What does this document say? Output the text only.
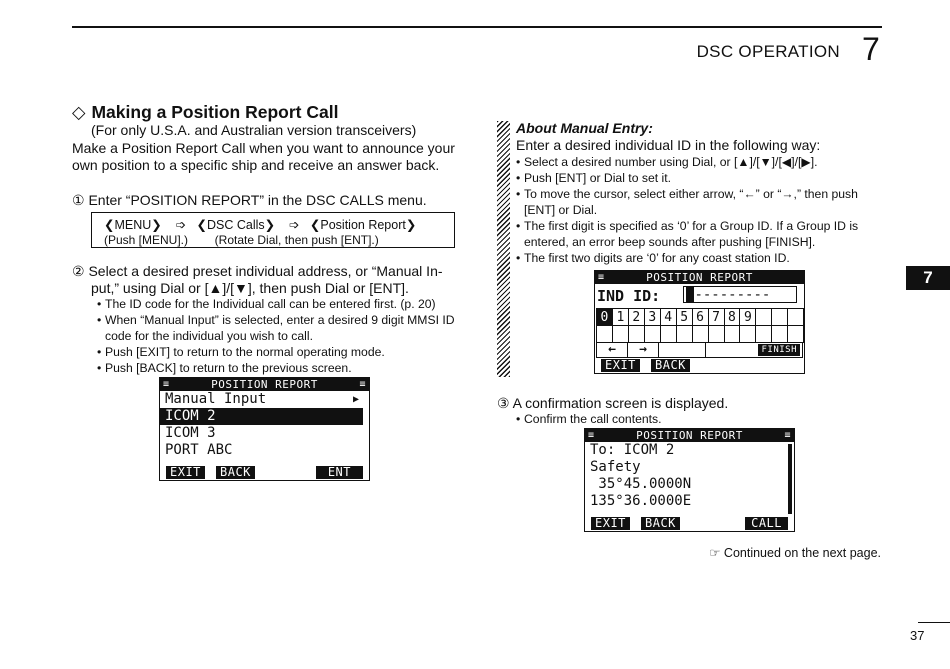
DSC OPERATION 7
7
◇ Making a Position Report Call
(For only U.S.A. and Australian version transceivers)
Make a Position Report Call when you want to announce your
own position to a specific ship and receive an answer back.
① Enter “POSITION REPORT” in the DSC CALLS menu.
❮MENU❯    ➩   ❮DSC Calls❯    ➩   ❮Position Report❯
(Push [MENU].)        (Rotate Dial, then push [ENT].)
② Select a desired preset individual address, or “Manual In-
put,” using Dial or [▲]/[▼], then push Dial or [ENT].
• The ID code for the Individual call can be entered first. (p. 20)
• When “Manual Input” is selected, enter a desired 9 digit MMSI ID
code for the individual you wish to call.
• Push [EXIT] to return to the normal operating mode.
• Push [BACK] to return to the previous screen.
≡	POSITION REPORT	≡
Manual Input	▶
ICOM 2
ICOM 3
PORT ABC
EXIT	BACK	ENT
About Manual Entry:
Enter a desired individual ID in the following way:
• Select a desired number using Dial, or [▲]/[▼]/[◀]/[▶].
• Push [ENT] or Dial to set it.
• To move the cursor, select either arrow, “←” or “→,” then push
[ENT] or Dial.
• The first digit is specified as ‘0’ for a Group ID. If a Group ID is
entered, an error beep sounds after pushing [FINISH].
• The first two digits are ‘0’ for any coast station ID.
≡	POSITION REPORT
IND ID:	---------
0	1	2	3	4	5	6	7	8	9			

←	→	FINISH
EXIT	BACK
③ A confirmation screen is displayed.
• Confirm the call contents.
≡	POSITION REPORT	≡
To: ICOM 2
Safety
35°45.0000N
135°36.0000E
EXIT	BACK	CALL
☞ Continued on the next page.
37
